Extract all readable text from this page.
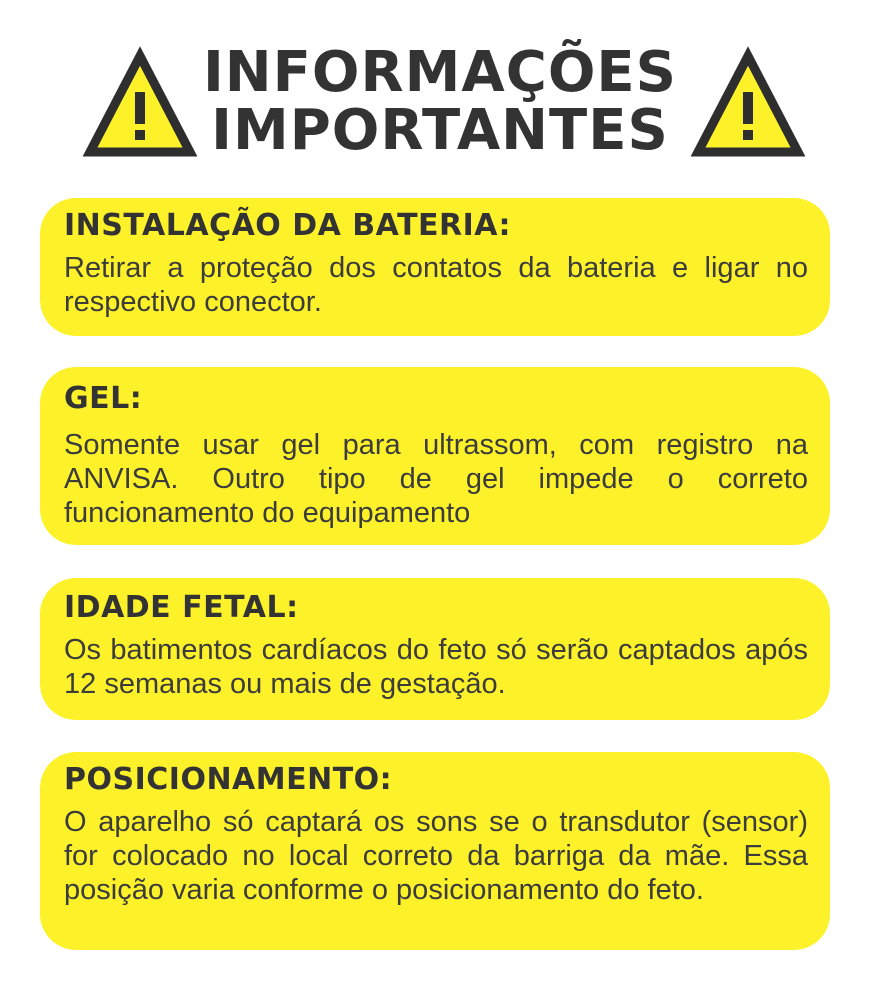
INFORMAÇÕES
IMPORTANTES
INSTALAÇÃO DA BATERIA:
Retirar a proteção dos contatos da bateria e ligar no respectivo conector.
GEL:
Somente usar gel para ultrassom, com registro na ANVISA. Outro tipo de gel impede o correto funcionamento do equipamento
IDADE FETAL:
Os batimentos cardíacos do feto só serão captados após 12 semanas ou mais de gestação.
POSICIONAMENTO:
O aparelho só captará os sons se o transdutor (sensor) for colocado no local correto da barriga da mãe. Essa posição varia conforme o posicionamento do feto.
